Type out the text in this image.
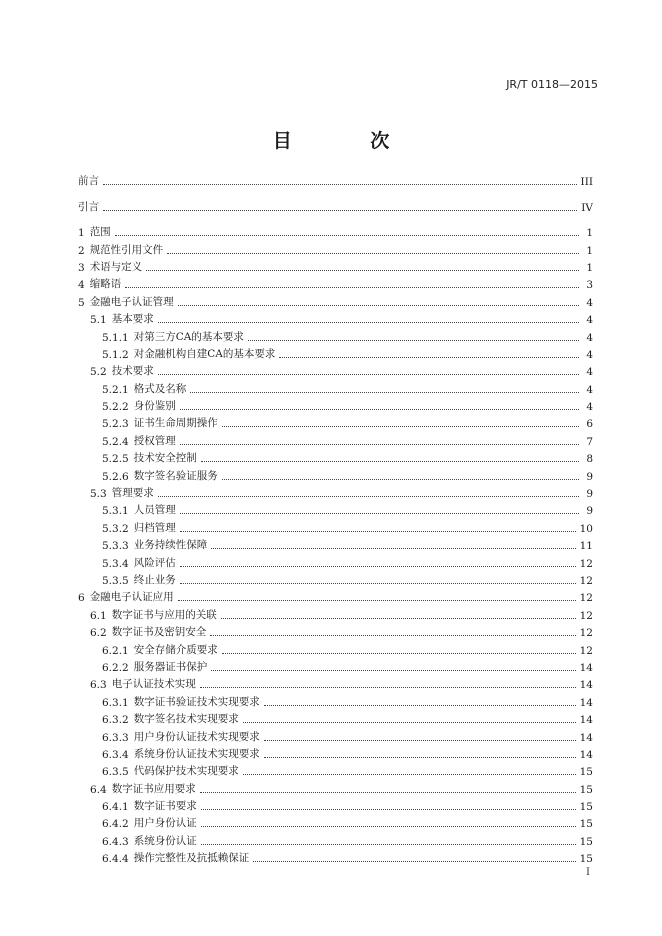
JR/T 0118—2015
目 次
前言	III
引言	IV
1 范围	1
2 规范性引用文件	1
3 术语与定义	1
4 缩略语	3
5 金融电子认证管理	4
5.1 基本要求	4
5.1.1 对第三方CA的基本要求	4
5.1.2 对金融机构自建CA的基本要求	4
5.2 技术要求	4
5.2.1 格式及名称	4
5.2.2 身份鉴别	4
5.2.3 证书生命周期操作	6
5.2.4 授权管理	7
5.2.5 技术安全控制	8
5.2.6 数字签名验证服务	9
5.3 管理要求	9
5.3.1 人员管理	9
5.3.2 归档管理	10
5.3.3 业务持续性保障	11
5.3.4 风险评估	12
5.3.5 终止业务	12
6 金融电子认证应用	12
6.1 数字证书与应用的关联	12
6.2 数字证书及密钥安全	12
6.2.1 安全存储介质要求	12
6.2.2 服务器证书保护	14
6.3 电子认证技术实现	14
6.3.1 数字证书验证技术实现要求	14
6.3.2 数字签名技术实现要求	14
6.3.3 用户身份认证技术实现要求	14
6.3.4 系统身份认证技术实现要求	14
6.3.5 代码保护技术实现要求	15
6.4 数字证书应用要求	15
6.4.1 数字证书要求	15
6.4.2 用户身份认证	15
6.4.3 系统身份认证	15
6.4.4 操作完整性及抗抵赖保证	15
I
